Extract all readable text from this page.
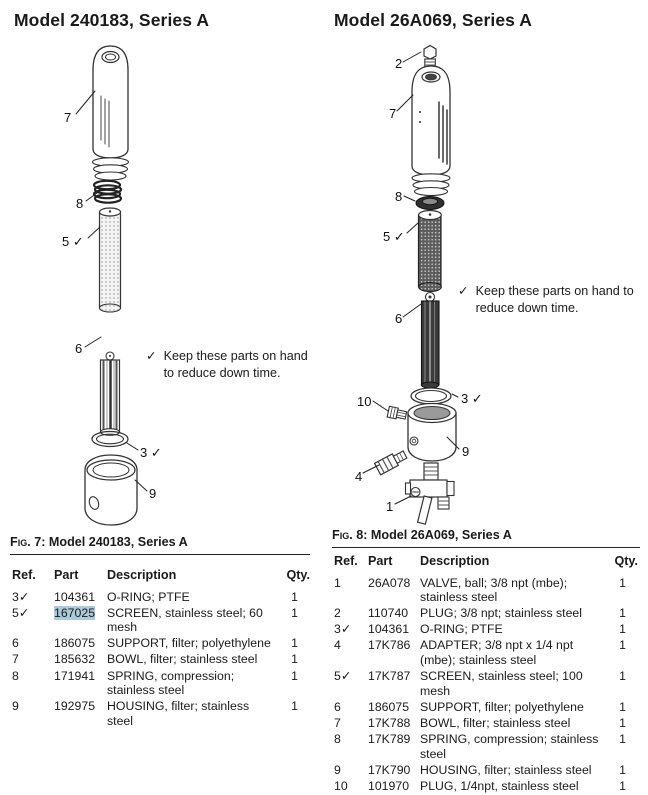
Model 240183, Series A	Model 26A069, Series A
7
8
5 ✓
6
3 ✓
9
2
7
8
5 ✓
6
3 ✓
10
9
4
1
✓ Keep these parts on hand to reduce down time.
✓ Keep these parts on hand to reduce down time.
Fig. 7: Model 240183, Series A	Fig. 8: Model 26A069, Series A
Ref.	Part	Description	Qty.
3✓	104361	O-RING; PTFE	1
5✓	167025	SCREEN, stainless steel; 60 mesh	1
6	186075	SUPPORT, filter; polyethylene	1
7	185632	BOWL, filter; stainless steel	1
8	171941	SPRING, compression; stainless steel	1
9	192975	HOUSING, filter; stainless steel	1
Ref.	Part	Description	Qty.
1	26A078	VALVE, ball; 3/8 npt (mbe); stainless steel	1
2	110740	PLUG; 3/8 npt; stainless steel	1
3✓	104361	O-RING; PTFE	1
4	17K786	ADAPTER; 3/8 npt x 1/4 npt (mbe); stainless steel	1
5✓	17K787	SCREEN, stainless steel; 100 mesh	1
6	186075	SUPPORT, filter; polyethylene	1
7	17K788	BOWL, filter; stainless steel	1
8	17K789	SPRING, compression; stainless steel	1
9	17K790	HOUSING, filter; stainless steel	1
10	101970	PLUG, 1/4npt, stainless steel	1
